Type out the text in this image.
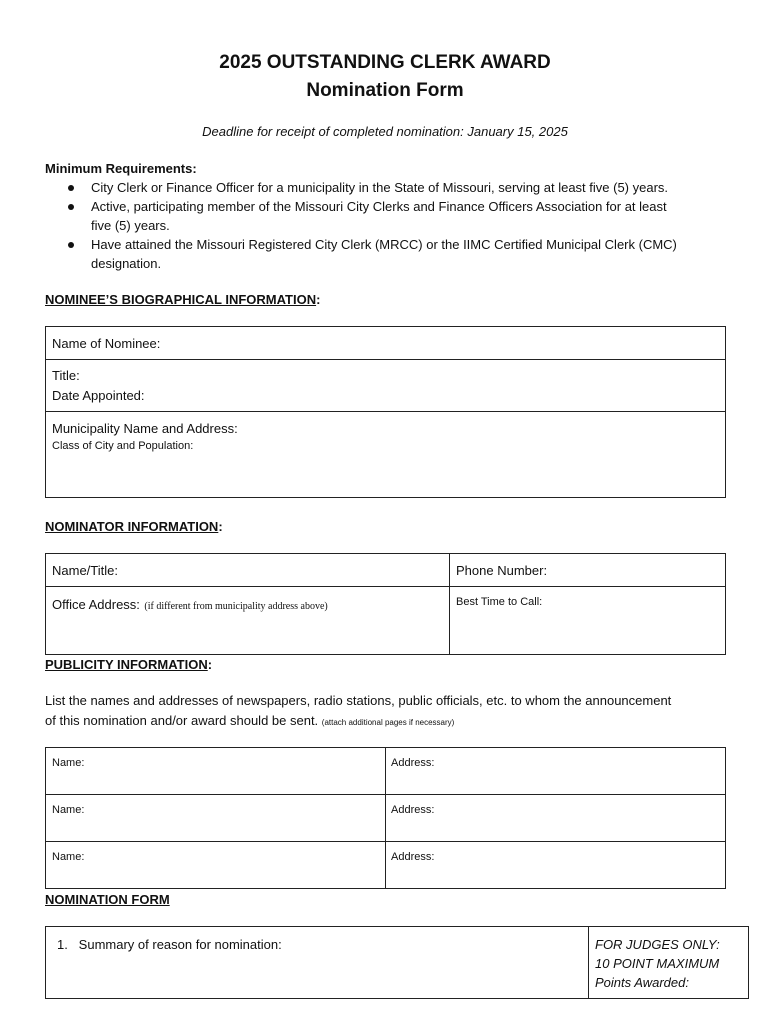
2025 OUTSTANDING CLERK AWARD
Nomination Form
Deadline for receipt of completed nomination: January 15, 2025
Minimum Requirements:
City Clerk or Finance Officer for a municipality in the State of Missouri, serving at least five (5) years.
Active, participating member of the Missouri City Clerks and Finance Officers Association for at least
five (5) years.
Have attained the Missouri Registered City Clerk (MRCC) or the IIMC Certified Municipal Clerk (CMC)
designation.
NOMINEE’S BIOGRAPHICAL INFORMATION:
Name of Nominee:
Title:
Date Appointed:
Municipality Name and Address:
Class of City and Population:
NOMINATOR INFORMATION:
Name/Title:	Phone Number:
Office Address: (if different from municipality address above)	Best Time to Call:
PUBLICITY INFORMATION:
List the names and addresses of newspapers, radio stations, public officials, etc. to whom the announcement
of this nomination and/or award should be sent. (attach additional pages if necessary)
Name:	Address:
Name:	Address:
Name:	Address:
NOMINATION FORM
1.   Summary of reason for nomination:	FOR JUDGES ONLY:
10 POINT MAXIMUM
Points Awarded:
